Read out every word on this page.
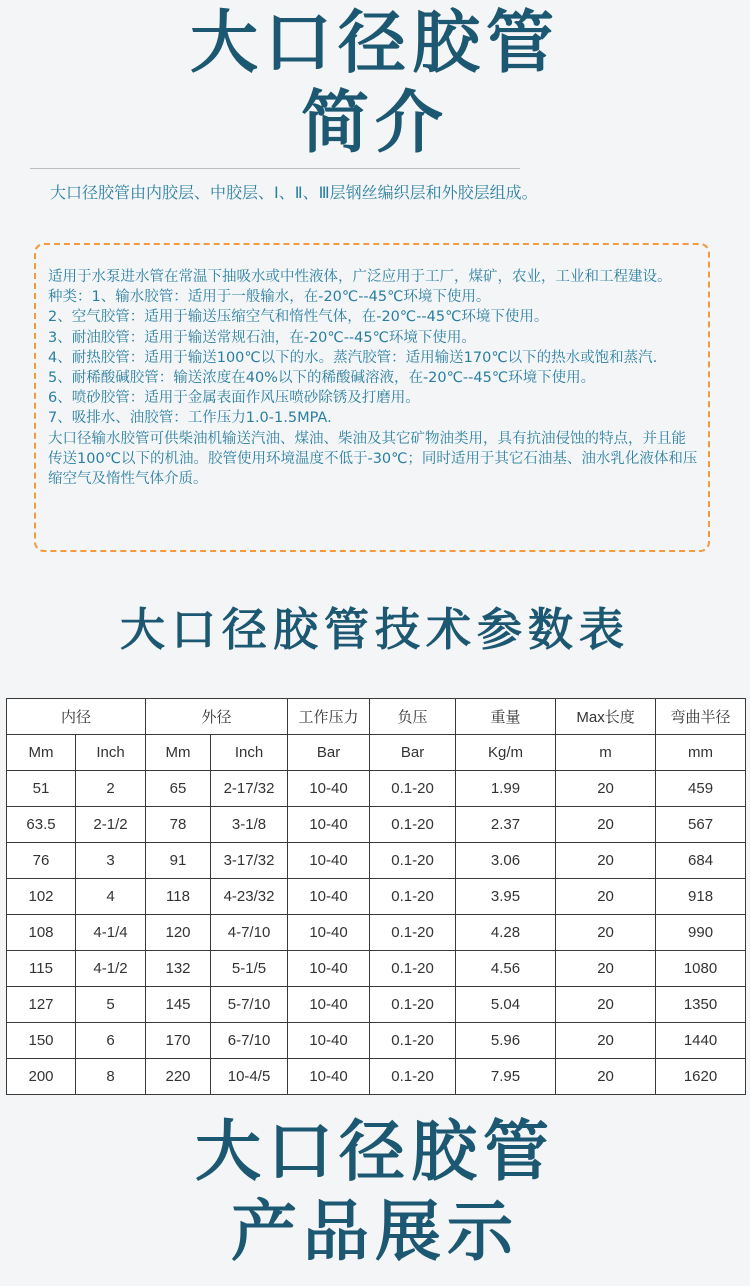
大口径胶管
简介
大口径胶管由内胶层、中胶层、Ⅰ、Ⅱ、Ⅲ层钢丝编织层和外胶层组成。
适用于水泵进水管在常温下抽吸水或中性液体，广泛应用于工厂，煤矿，农业，工业和工程建设。
种类：1、输水胶管：适用于一般输水，在-20℃--45℃环境下使用。
2、空气胶管：适用于输送压缩空气和惰性气体，在-20℃--45℃环境下使用。
3、耐油胶管：适用于输送常规石油，在-20℃--45℃环境下使用。
4、耐热胶管：适用于输送100℃以下的水。蒸汽胶管：适用输送170℃以下的热水或饱和蒸汽.
5、耐稀酸碱胶管：输送浓度在40%以下的稀酸碱溶液，在-20℃--45℃环境下使用。
6、喷砂胶管：适用于金属表面作风压喷砂除锈及打磨用。
7、吸排水、油胶管：工作压力1.0-1.5MPA.
大口径输水胶管可供柴油机输送汽油、煤油、柴油及其它矿物油类用，具有抗油侵蚀的特点，并且能传送100℃以下的机油。胶管使用环境温度不低于-30℃；同时适用于其它石油基、油水乳化液体和压缩空气及惰性气体介质。
大口径胶管技术参数表
内径		外径		工作压力	负压	重量	Max长度	弯曲半径
Mm	Inch	Mm	Inch	Bar	Bar	Kg/m	m	mm
51	2	65	2-17/32	10-40	0.1-20	1.99	20	459
63.5	2-1/2	78	3-1/8	10-40	0.1-20	2.37	20	567
76	3	91	3-17/32	10-40	0.1-20	3.06	20	684
102	4	118	4-23/32	10-40	0.1-20	3.95	20	918
108	4-1/4	120	4-7/10	10-40	0.1-20	4.28	20	990
115	4-1/2	132	5-1/5	10-40	0.1-20	4.56	20	1080
127	5	145	5-7/10	10-40	0.1-20	5.04	20	1350
150	6	170	6-7/10	10-40	0.1-20	5.96	20	1440
200	8	220	10-4/5	10-40	0.1-20	7.95	20	1620
大口径胶管
产品展示
